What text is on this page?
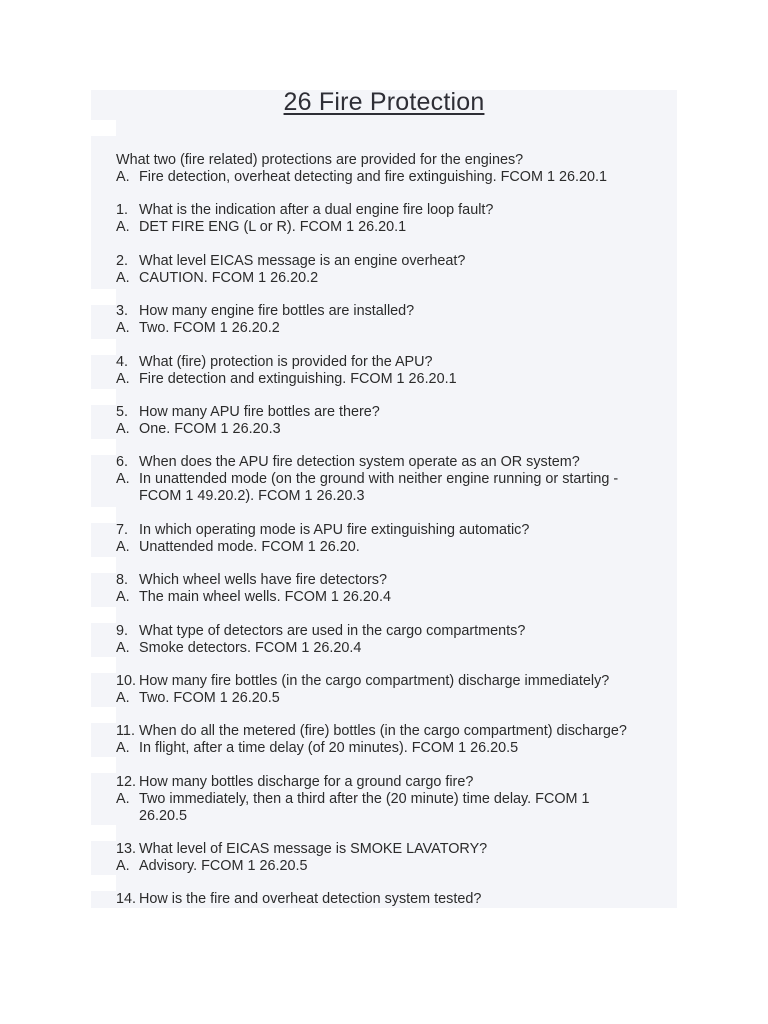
26 Fire Protection
What two (fire related) protections are provided for the engines?
A. Fire detection, overheat detecting and fire extinguishing. FCOM 1 26.20.1
1. What is the indication after a dual engine fire loop fault?
A. DET FIRE ENG (L or R). FCOM 1 26.20.1
2. What level EICAS message is an engine overheat?
A. CAUTION. FCOM 1 26.20.2
3. How many engine fire bottles are installed?
A. Two. FCOM 1 26.20.2
4. What (fire) protection is provided for the APU?
A. Fire detection and extinguishing. FCOM 1 26.20.1
5. How many APU fire bottles are there?
A. One. FCOM 1 26.20.3
6. When does the APU fire detection system operate as an OR system?
A. In unattended mode (on the ground with neither engine running or starting -
FCOM 1 49.20.2). FCOM 1 26.20.3
7. In which operating mode is APU fire extinguishing automatic?
A. Unattended mode. FCOM 1 26.20.
8. Which wheel wells have fire detectors?
A. The main wheel wells. FCOM 1 26.20.4
9. What type of detectors are used in the cargo compartments?
A. Smoke detectors. FCOM 1 26.20.4
10. How many fire bottles (in the cargo compartment) discharge immediately?
A. Two. FCOM 1 26.20.5
11. When do all the metered (fire) bottles (in the cargo compartment) discharge?
A. In flight, after a time delay (of 20 minutes). FCOM 1 26.20.5
12. How many bottles discharge for a ground cargo fire?
A. Two immediately, then a third after the (20 minute) time delay. FCOM 1
26.20.5
13. What level of EICAS message is SMOKE LAVATORY?
A. Advisory. FCOM 1 26.20.5
14. How is the fire and overheat detection system tested?
